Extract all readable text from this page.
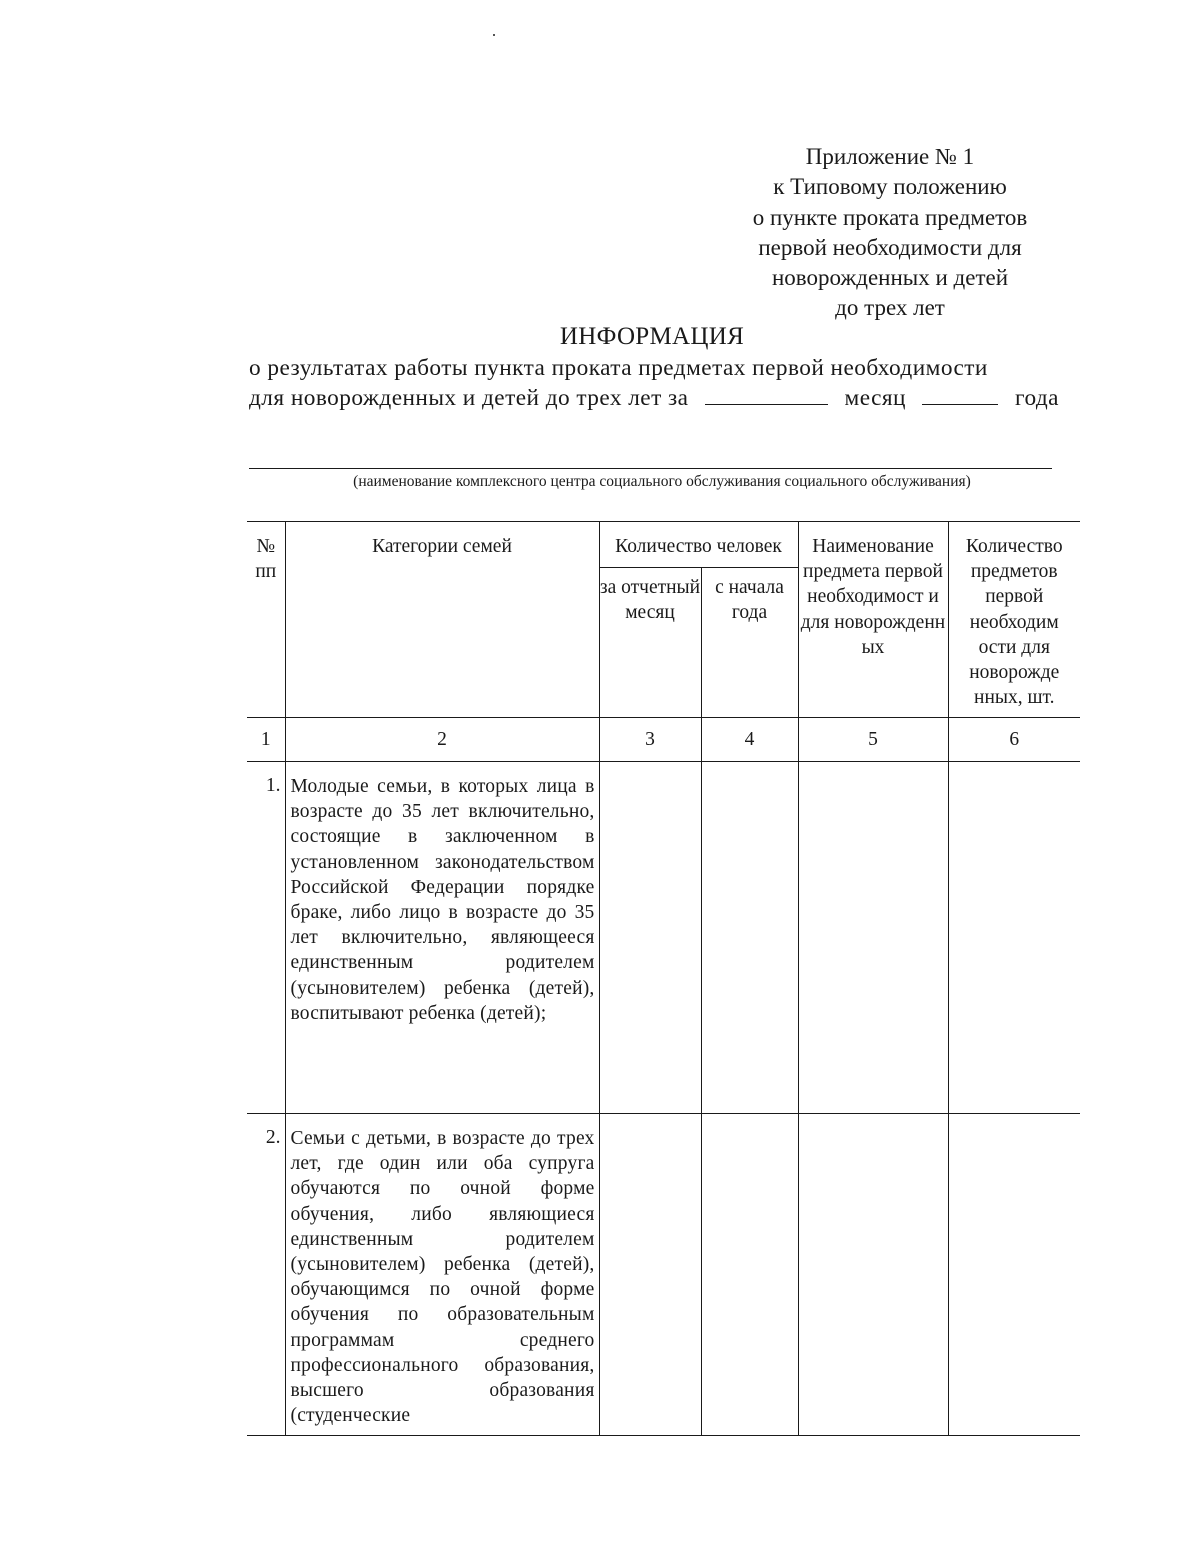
Приложение № 1
к Типовому положению
о пункте проката предметов
первой необходимости для
новорожденных и детей
до трех лет
ИНФОРМАЦИЯ
о результатах работы пункта проката предметах первой необходимости
для новорожденных и детей до трех лет за	месяц	года
(наименование комплексного центра социального обслуживания социального обслуживания)
№ пп	Категории семей	Количество человек		Наименование предмета первой необходимост и для новорожденн ых	Количество предметов первой необходим ости для новорожде нных, шт.
		за отчетный месяц	с начала года		
1	2	3	4	5	6
1.	Молодые семьи, в которых лица в возрасте до 35 лет включительно, состоящие в заключенном в установленном законодательством Российской Федерации порядке браке, либо лицо в возрасте до 35 лет включительно, являющееся единственным родителем (усыновителем) ребенка (детей), воспитывают ребенка (детей);				
2.	Семьи с детьми, в возрасте до трех лет, где один или оба супруга обучаются по очной форме обучения, либо являющиеся единственным родителем (усыновителем) ребенка (детей), обучающимся по очной форме обучения по образовательным программам среднего профессионального образования, высшего образования (студенческие				
